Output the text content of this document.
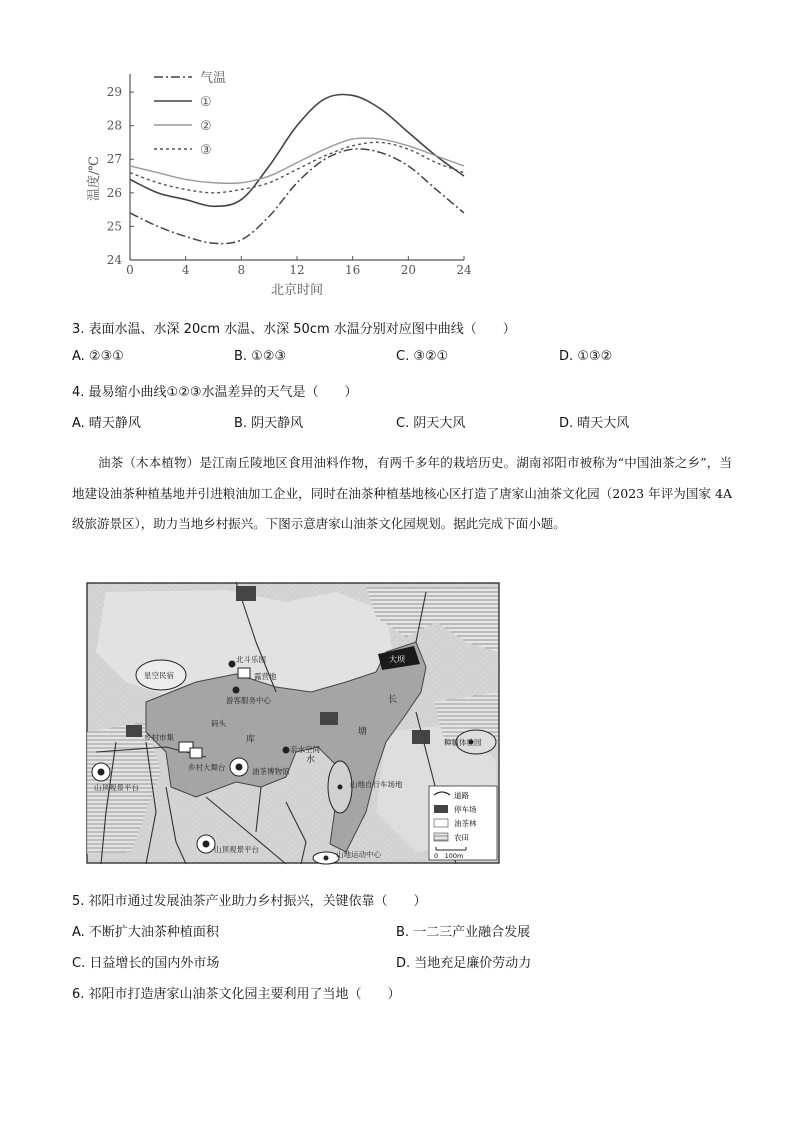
0	4	8	12	16	20	24
24
25
26
27
28
29
气温
①
②
③
温度/℃
北京时间
3. 表面水温、水深 20cm 水温、水深 50cm 水温分别对应图中曲线（　　）
A. ②③①	B. ①②③	C. ③②①	D. ①③②
4. 最易缩小曲线①②③水温差异的天气是（　　）
A. 晴天静风	B. 阴天静风	C. 阴天大风	D. 晴天大风
油茶（木本植物）是江南丘陵地区食用油料作物，有两千多年的栽培历史。湖南祁阳市被称为“中国油茶之乡”，当地建设油茶种植基地并引进粮油加工企业，同时在油茶种植基地核心区打造了唐家山油茶文化园（2023 年评为国家 4A 级旅游景区），助力当地乡村振兴。下图示意唐家山油茶文化园规划。据此完成下面小题。
大坝
北斗乐园
露营地
星空民宿
游客服务中心
码头
乡村市集
乡村大舞台
库
水
长
塘
亲水空间
油茶博物馆
种植体验园
山地自行车场地
山顶观景平台
山顶观景平台
山地运动中心
道路
停车场
油茶林
农田
0　100m
5. 祁阳市通过发展油茶产业助力乡村振兴，关键依靠（　　）
A. 不断扩大油茶种植面积	B. 一二三产业融合发展
C. 日益增长的国内外市场	D. 当地充足廉价劳动力
6. 祁阳市打造唐家山油茶文化园主要利用了当地（　　）
